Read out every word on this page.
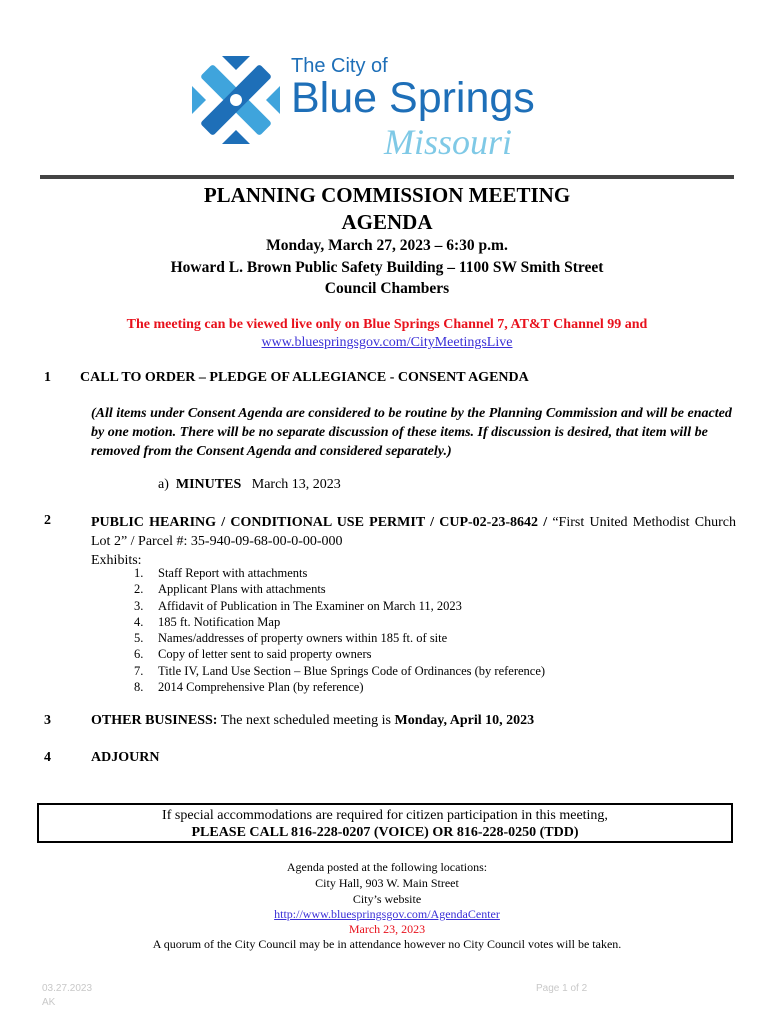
The City of
Blue Springs
Missouri
PLANNING COMMISSION MEETING
AGENDA
Monday, March 27, 2023 – 6:30 p.m.
Howard L. Brown Public Safety Building – 1100 SW Smith Street
Council Chambers
The meeting can be viewed live only on Blue Springs Channel 7, AT&T Channel 99 and
www.bluespringsgov.com/CityMeetingsLive
1 CALL TO ORDER – PLEDGE OF ALLEGIANCE - CONSENT AGENDA
(All items under Consent Agenda are considered to be routine by the Planning Commission and will be enacted by one motion. There will be no separate discussion of these items. If discussion is desired, that item will be removed from the Consent Agenda and considered separately.)
a) MINUTES March 13, 2023
2	PUBLIC HEARING / CONDITIONAL USE PERMIT / CUP-02-23-8642 / “First United Methodist Church Lot 2” / Parcel #: 35-940-09-68-00-0-00-000
Exhibits:
1. Staff Report with attachments
2. Applicant Plans with attachments
3. Affidavit of Publication in The Examiner on March 11, 2023
4. 185 ft. Notification Map
5. Names/addresses of property owners within 185 ft. of site
6. Copy of letter sent to said property owners
7. Title IV, Land Use Section – Blue Springs Code of Ordinances (by reference)
8. 2014 Comprehensive Plan (by reference)
3	OTHER BUSINESS: The next scheduled meeting is Monday, April 10, 2023
4	ADJOURN
If special accommodations are required for citizen participation in this meeting,
PLEASE CALL 816-228-0207 (VOICE) OR 816-228-0250 (TDD)
Agenda posted at the following locations:
City Hall, 903 W. Main Street
City’s website
http://www.bluespringsgov.com/AgendaCenter
March 23, 2023
A quorum of the City Council may be in attendance however no City Council votes will be taken.
03.27.2023
AK
Page 1 of 2
